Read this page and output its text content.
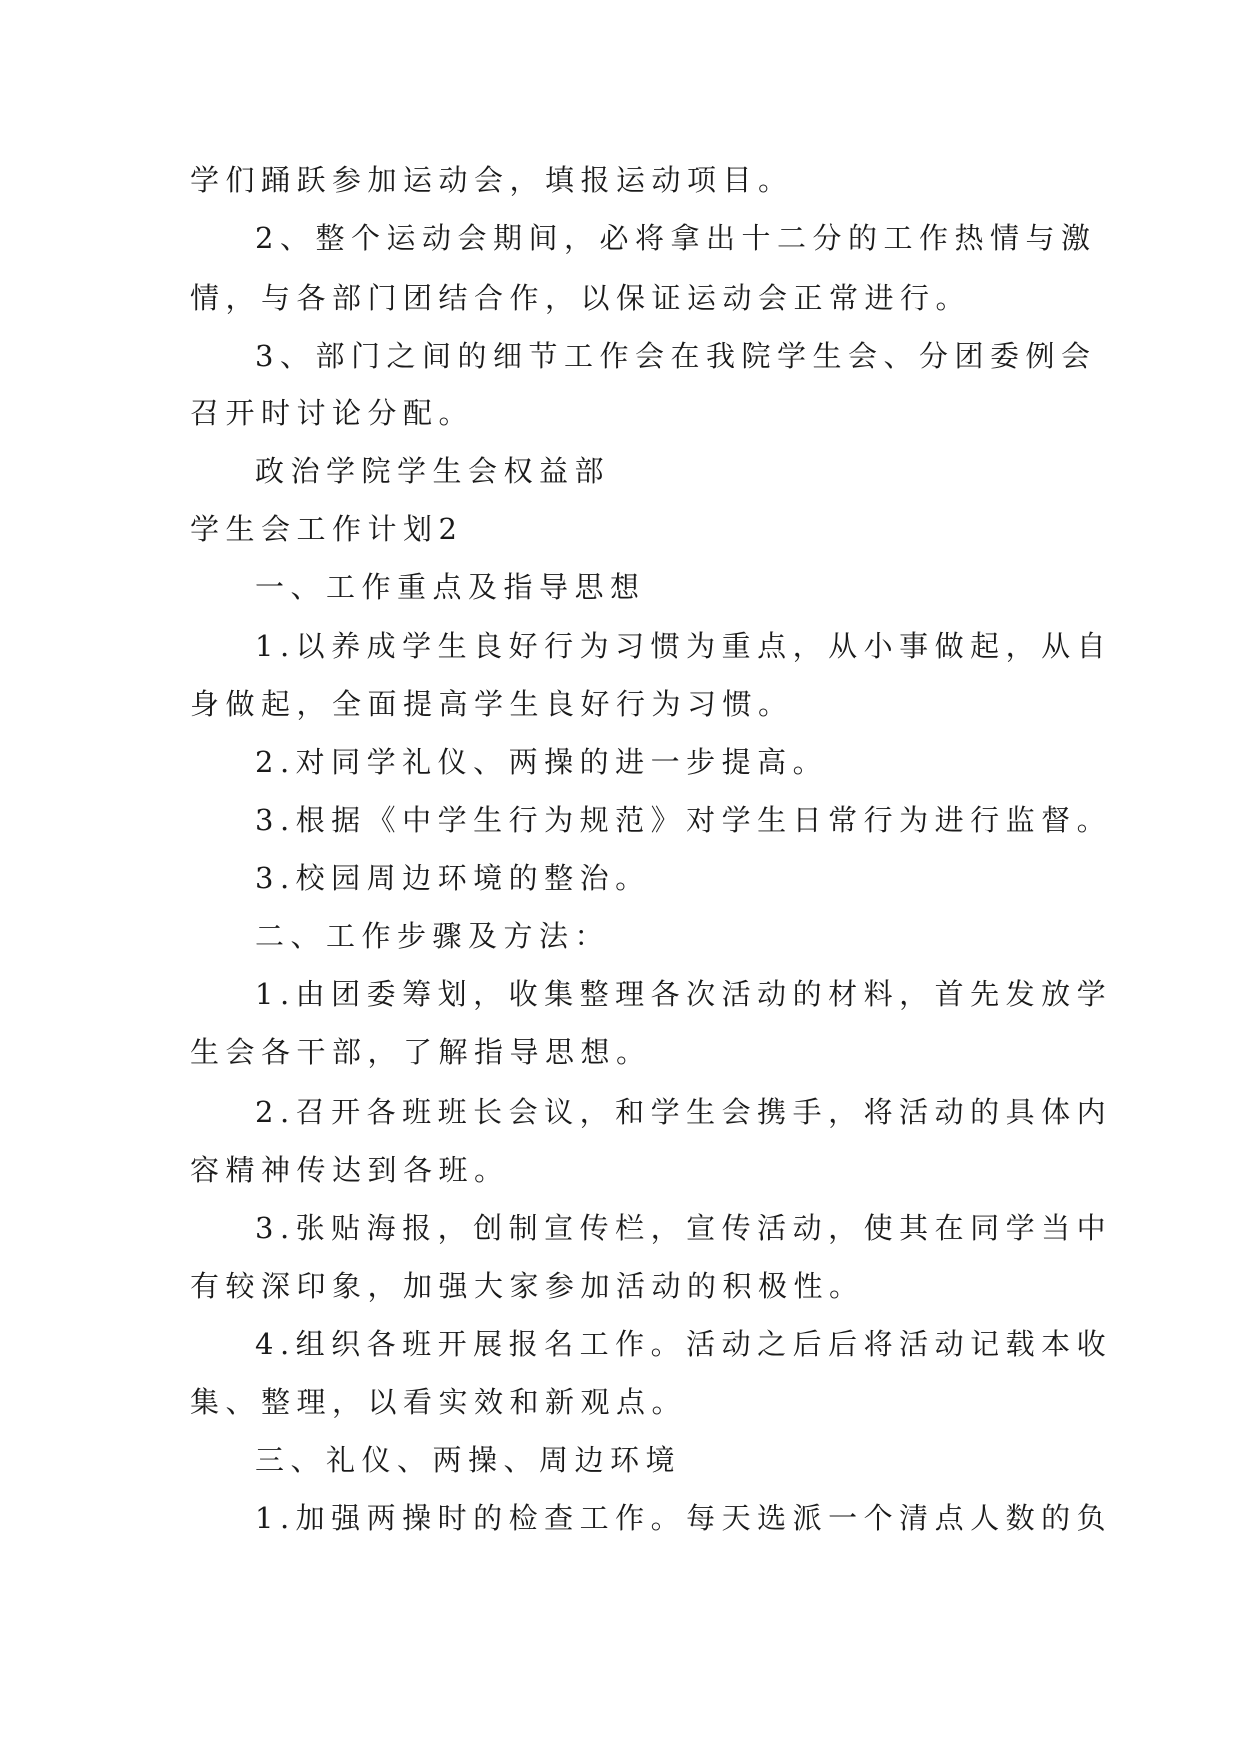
学们踊跃参加运动会，填报运动项目。
2、整个运动会期间，必将拿出十二分的工作热情与激
情，与各部门团结合作，以保证运动会正常进行。
3、部门之间的细节工作会在我院学生会、分团委例会
召开时讨论分配。
政治学院学生会权益部
学生会工作计划2
一、工作重点及指导思想
1.以养成学生良好行为习惯为重点，从小事做起，从自
身做起，全面提高学生良好行为习惯。
2.对同学礼仪、两操的进一步提高。
3.根据《中学生行为规范》对学生日常行为进行监督。
3.校园周边环境的整治。
二、工作步骤及方法：
1.由团委筹划，收集整理各次活动的材料，首先发放学
生会各干部，了解指导思想。
2.召开各班班长会议，和学生会携手，将活动的具体内
容精神传达到各班。
3.张贴海报，创制宣传栏，宣传活动，使其在同学当中
有较深印象，加强大家参加活动的积极性。
4.组织各班开展报名工作。活动之后后将活动记载本收
集、整理，以看实效和新观点。
三、礼仪、两操、周边环境
1.加强两操时的检查工作。每天选派一个清点人数的负
